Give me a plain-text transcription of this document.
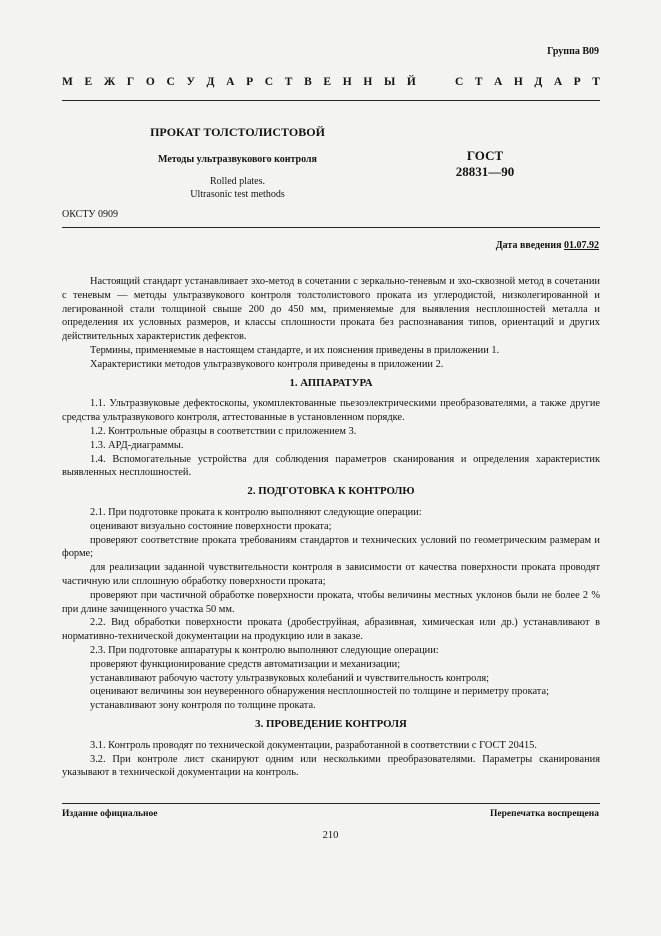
Группа В09
М Е Ж Г О С У Д А Р С Т В Е Н Н Ы Й	С Т А Н Д А Р Т
ПРОКАТ ТОЛСТОЛИСТОВОЙ
Методы ультразвукового контроля
Rolled plates.
Ultrasonic test methods
ГОСТ
28831—90
ОКСТУ 0909
Дата введения 01.07.92

Настоящий стандарт устанавливает эхо-метод в сочетании с зеркально-теневым и эхо-сквозной метод в сочетании с теневым — методы ультразвукового контроля толстолистового проката из углеродистой, низколегированной и легированной стали толщиной свыше 200 до 450 мм, применяемые для выявления несплошностей металла и определения их условных размеров, и классы сплошности проката без распознавания типов, ориентаций и других действительных характеристик дефектов.

Термины, применяемые в настоящем стандарте, и их пояснения приведены в приложении 1.

Характеристики методов ультразвукового контроля приведены в приложении 2.

1. АППАРАТУРА

1.1. Ультразвуковые дефектоскопы, укомплектованные пьезоэлектрическими преобразователями, а также другие средства ультразвукового контроля, аттестованные в установленном порядке.

1.2. Контрольные образцы в соответствии с приложением 3.

1.3. АРД-диаграммы.

1.4. Вспомогательные устройства для соблюдения параметров сканирования и определения характеристик выявленных несплошностей.

2. ПОДГОТОВКА К КОНТРОЛЮ

2.1. При подготовке проката к контролю выполняют следующие операции:

оценивают визуально состояние поверхности проката;

проверяют соответствие проката требованиям стандартов и технических условий по геометрическим размерам и форме;

для реализации заданной чувствительности контроля в зависимости от качества поверхности проката проводят частичную или сплошную обработку поверхности проката;

проверяют при частичной обработке поверхности проката, чтобы величины местных уклонов были не более 2 % при длине зачищенного участка 50 мм.

2.2. Вид обработки поверхности проката (дробеструйная, абразивная, химическая или др.) устанавливают в нормативно-технической документации на продукцию или в заказе.

2.3. При подготовке аппаратуры к контролю выполняют следующие операции:

проверяют функционирование средств автоматизации и механизации;

устанавливают рабочую частоту ультразвуковых колебаний и чувствительность контроля;

оценивают величины зон неуверенного обнаружения несплошностей по толщине и периметру проката;

устанавливают зону контроля по толщине проката.

3. ПРОВЕДЕНИЕ КОНТРОЛЯ

3.1. Контроль проводят по технической документации, разработанной в соответствии с ГОСТ 20415.

3.2. При контроле лист сканируют одним или несколькими преобразователями. Параметры сканирования указывают в технической документации на контроль.

Издание официальное	Перепечатка воспрещена
210
